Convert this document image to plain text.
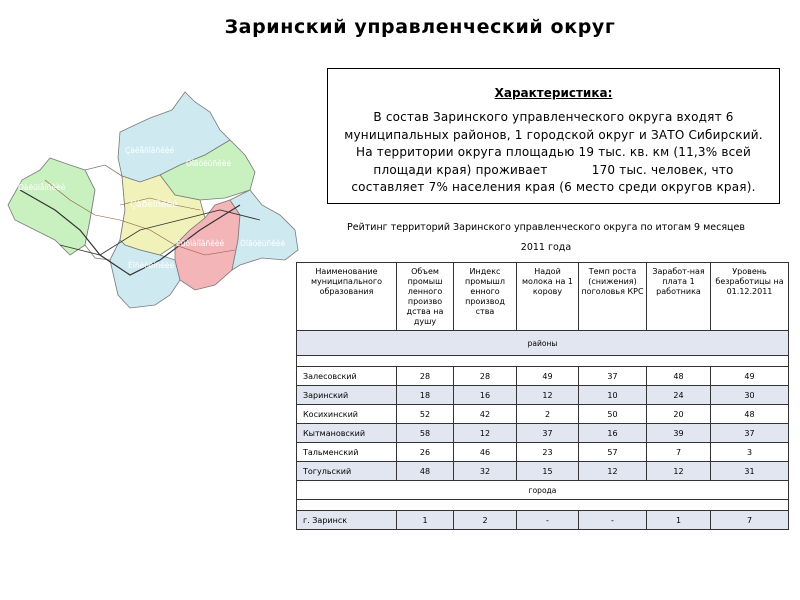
Заринский управленческий округ
Çàëåñîâñêèé
Òàëüìåíñêèé
Çàðèíñêèé
Òîãóëüñêèé
Êûòìàíîâñêèé
Êîñèõèíñêèé
Òîãóëüñêèé
Характеристика:
В состав Заринского управленческого округа входят 6
муниципальных районов, 1 городской округ и ЗАТО Сибирский.
На территории округа площадью 19 тыс. кв. км (11,3% всей
площади края) проживает           170 тыс. человек, что
составляет 7% населения края (6 место среди округов края).
Рейтинг территорий Заринского управленческого округа по итогам 9 месяцев
2011 года
Наименование муниципального образования	Объем промыш ленного произво дства на душу	Индекс промышл енного производ ства	Надой молока на 1 корову	Темп роста (снижения) поголовья КРС	Заработ-ная плата 1 работника	Уровень безработицы на 01.12.2011
районы						

Залесовский	28	28	49	37	48	49
Заринский	18	16	12	10	24	30
Косихинский	52	42	2	50	20	48
Кытмановский	58	12	37	16	39	37
Тальменский	26	46	23	57	7	3
Тогульский	48	32	15	12	12	31
города						

г. Заринск	1	2	-	-	1	7
